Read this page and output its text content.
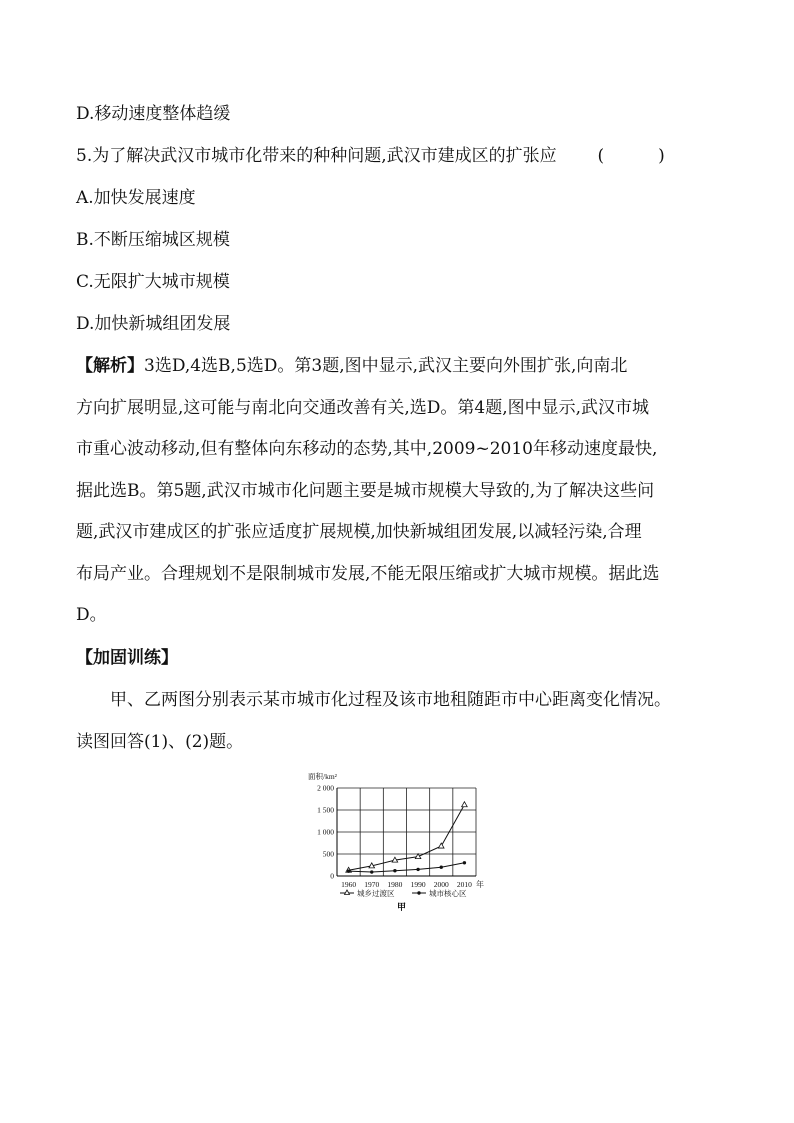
D.移动速度整体趋缓
5.为了解决武汉市城市化带来的种种问题,武汉市建成区的扩张应 (	)
A.加快发展速度
B.不断压缩城区规模
C.无限扩大城市规模
D.加快新城组团发展
【解析】3选D,4选B,5选D。第3题,图中显示,武汉主要向外围扩张,向南北
方向扩展明显,这可能与南北向交通改善有关,选D。第4题,图中显示,武汉市城
市重心波动移动,但有整体向东移动的态势,其中,2009~2010年移动速度最快,
据此选B。第5题,武汉市城市化问题主要是城市规模大导致的,为了解决这些问
题,武汉市建成区的扩张应适度扩展规模,加快新城组团发展,以减轻污染,合理
布局产业。合理规划不是限制城市发展,不能无限压缩或扩大城市规模。据此选
D。
【加固训练】
甲、乙两图分别表示某市城市化过程及该市地租随距市中心距离变化情况。
读图回答(1)、(2)题。
0
500
1 000
1 500
2 000
1960 1970 1980 1990 2000 2010
面积/km²
年
甲
城乡过渡区	城市核心区
